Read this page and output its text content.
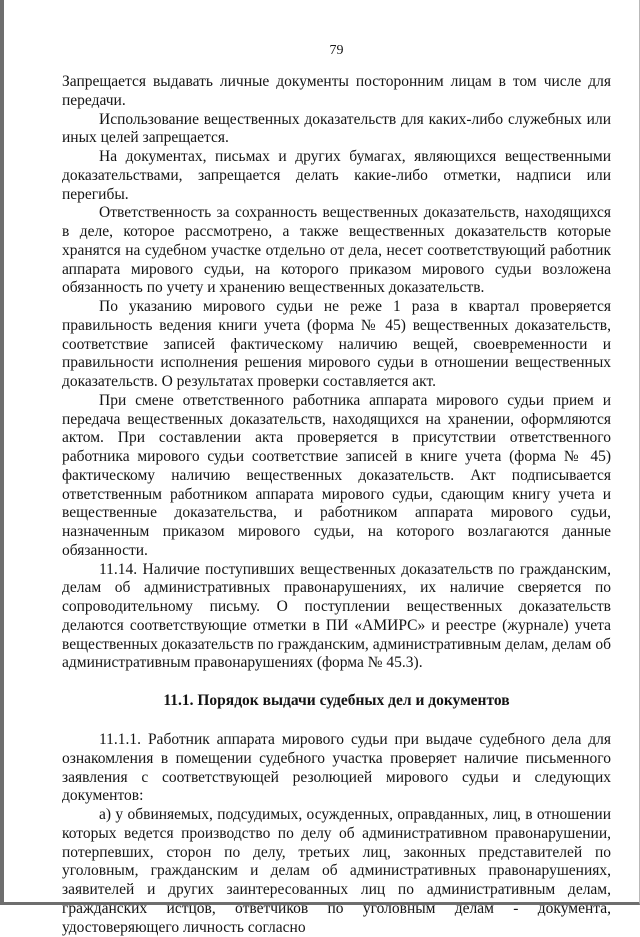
79

Запрещается выдавать личные документы посторонним лицам в том числе для передачи.

Использование вещественных доказательств для каких-либо служебных или иных целей запрещается.

На документах, письмах и других бумагах, являющихся вещественными доказательствами, запрещается делать какие-либо отметки, надписи или перегибы.

Ответственность за сохранность вещественных доказательств, находящихся в деле, которое рассмотрено, а также вещественных доказательств которые хранятся на судебном участке отдельно от дела, несет соответствующий работник аппарата мирового судьи, на которого приказом мирового судьи возложена обязанность по учету и хранению вещественных доказательств.

По указанию мирового судьи не реже 1 раза в квартал проверяется правильность ведения книги учета (форма № 45) вещественных доказательств, соответствие записей фактическому наличию вещей, своевременности и правильности исполнения решения мирового судьи в отношении вещественных доказательств. О результатах проверки составляется акт.

При смене ответственного работника аппарата мирового судьи прием и передача вещественных доказательств, находящихся на хранении, оформляются актом. При составлении акта проверяется в присутствии ответственного работника мирового судьи соответствие записей в книге учета (форма № 45) фактическому наличию вещественных доказательств. Акт подписывается ответственным работником аппарата мирового судьи, сдающим книгу учета и вещественные доказательства, и работником аппарата мирового судьи, назначенным приказом мирового судьи, на которого возлагаются данные обязанности.

11.14. Наличие поступивших вещественных доказательств по гражданским, делам об административных правонарушениях, их наличие сверяется по сопроводительному письму. О поступлении вещественных доказательств делаются соответствующие отметки в ПИ «АМИРС» и реестре (журнале) учета вещественных доказательств по гражданским, административным делам, делам об административным правонарушениях (форма № 45.3).

11.1. Порядок выдачи судебных дел и документов

11.1.1. Работник аппарата мирового судьи при выдаче судебного дела для ознакомления в помещении судебного участка проверяет наличие письменного заявления с соответствующей резолюцией мирового судьи и следующих документов:

а) у обвиняемых, подсудимых, осужденных, оправданных, лиц, в отношении которых ведется производство по делу об административном правонарушении, потерпевших, сторон по делу, третьих лиц, законных представителей по уголовным, гражданским и делам об административных правонарушениях, заявителей и других заинтересованных лиц по административным делам, гражданских истцов, ответчиков по уголовным делам - документа, удостоверяющего личность согласно
